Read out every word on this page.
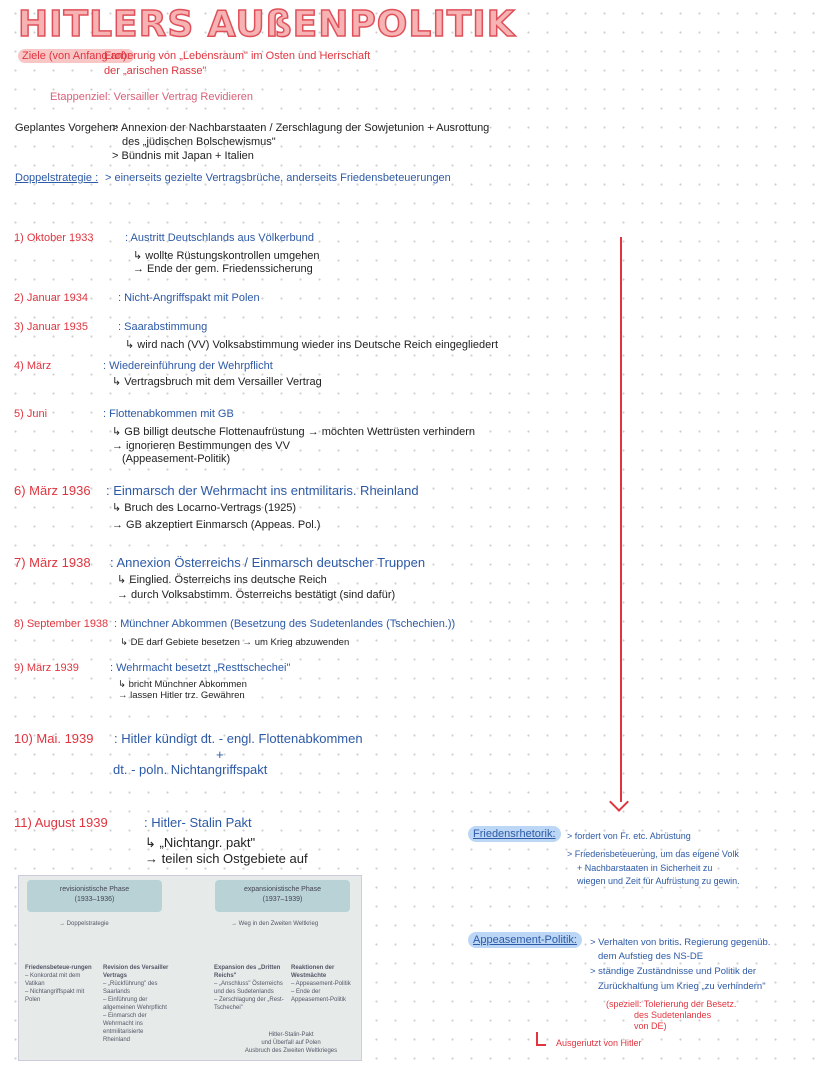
HITLERS AUßENPOLITIK
Ziele (von Anfang an):
Eroberung von „Lebensraum" im Osten und Herrschaft
der „arischen Rasse"
Etappenziel: Versailler Vertrag Revidieren
Geplantes Vorgehen:
> Annexion der Nachbarstaaten / Zerschlagung der Sowjetunion + Ausrottung
des „jüdischen Bolschewismus"
> Bündnis mit Japan + Italien
Doppelstrategie : > einerseits gezielte Vertragsbrüche, anderseits Friedensbeteuerungen
1) Oktober 1933	: Austritt Deutschlands aus Völkerbund
↳ wollte Rüstungskontrollen umgehen
→ Ende der gem. Friedenssicherung
2) Januar 1934	: Nicht-Angriffspakt mit Polen
3) Januar 1935	: Saarabstimmung
↳ wird nach (VV) Volksabstimmung wieder ins Deutsche Reich eingegliedert
4) März	: Wiedereinführung der Wehrpflicht
↳ Vertragsbruch mit dem Versailler Vertrag
5) Juni	: Flottenabkommen mit GB
↳ GB billigt deutsche Flottenaufrüstung → möchten Wettrüsten verhindern
→ ignorieren Bestimmungen des VV
(Appeasement-Politik)
6) März 1936 : Einmarsch der Wehrmacht ins entmilitaris. Rheinland
↳ Bruch des Locarno-Vertrags (1925)
→ GB akzeptiert Einmarsch (Appeas. Pol.)
7) März 1938 : Annexion Österreichs / Einmarsch deutscher Truppen
↳ Einglied. Österreichs ins deutsche Reich
→ durch Volksabstimm. Österreichs bestätigt (sind dafür)
8) September 1938 : Münchner Abkommen (Besetzung des Sudetenlandes (Tschechien.))
↳ DE darf Gebiete besetzen → um Krieg abzuwenden
9) März 1939	: Wehrmacht besetzt „Resttschechei"
↳ bricht Münchner Abkommen
→ lassen Hitler trz. Gewähren
10) Mai. 1939 : Hitler kündigt dt. - engl. Flottenabkommen
+
dt. - poln. Nichtangriffspakt
11) August 1939	: Hitler- Stalin Pakt
↳ „Nichtangr. pakt"
→ teilen sich Ostgebiete auf
revisionistische Phase
(1933–1936)
expansionistische Phase
(1937–1939)
→ Doppelstrategie	→ Weg in den Zweiten Weltkrieg
Friedensbeteue-rungen
– Konkordat mit dem Vatikan
– Nichtangriffspakt mit Polen
Revision des Versailler Vertrags
– „Rückführung" des Saarlands
– Einführung der allgemeinen Wehrpflicht
– Einmarsch der Wehrmacht ins entmilitarisierte Rheinland
Expansion des „Dritten Reichs"
– „Anschluss" Österreichs und des Sudetenlands
– Zerschlagung der „Rest-Tschechei"
Reaktionen der Westmächte
– Appeasement-Politik
– Ende der Appeasement-Politik
Hitler-Stalin-Pakt
und Überfall auf Polen
Ausbruch des Zweiten Weltkrieges
Friedensrhetorik:	> fordert von Fr. etc. Abrüstung
> Friedensbeteuerung, um das eigene Volk
+ Nachbarstaaten in Sicherheit zu
wiegen und Zeit für Aufrüstung zu gewin.
Appeasement-Politik:	> Verhalten von britis. Regierung gegenüb.
dem Aufstieg des NS-DE
> ständige Zuständnisse und Politik der
Zurückhaltung um Krieg „zu verhindern"
(speziell: Tolerierung der Besetz.
des Sudetenlandes
von DE)
Ausgenutzt von Hitler
